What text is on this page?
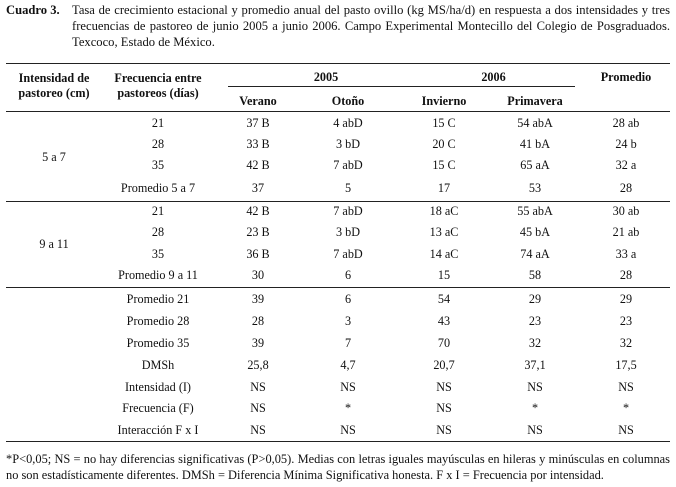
Cuadro 3. Tasa de crecimiento estacional y promedio anual del pasto ovillo (kg MS/ha/d) en respuesta a dos intensidades y tres frecuencias de pastoreo de junio 2005 a junio 2006. Campo Experimental Montecillo del Colegio de Posgraduados. Texcoco, Estado de México.
Intensidad de pastoreo (cm)
Frecuencia entre pastoreos (días)
2005	2006	Promedio
Verano	Otoño	Invierno	Primavera
5 a 7
21	37 B	4 abD	15 C	54 abA	28 ab
28	33 B	3 bD	20 C	41 bA	24 b
35	42 B	7 abD	15 C	65 aA	32 a
Promedio 5 a 7	37	5	17	53	28
9 a 11
21	42 B	7 abD	18 aC	55 abA	30 ab
28	23 B	3 bD	13 aC	45 bA	21 ab
35	36 B	7 abD	14 aC	74 aA	33 a
Promedio 9 a 11	30	6	15	58	28
Promedio 21	39	6	54	29	29
Promedio 28	28	3	43	23	23
Promedio 35	39	7	70	32	32
DMSh	25,8	4,7	20,7	37,1	17,5
Intensidad (I)	NS	NS	NS	NS	NS
Frecuencia (F)	NS	*	NS	*	*
Interacción F x I	NS	NS	NS	NS	NS
*P<0,05; NS = no hay diferencias significativas (P>0,05). Medias con letras iguales mayúsculas en hileras y minúsculas en columnas no son estadísticamente diferentes. DMSh = Diferencia Mínima Significativa honesta. F x I = Frecuencia por intensidad.
